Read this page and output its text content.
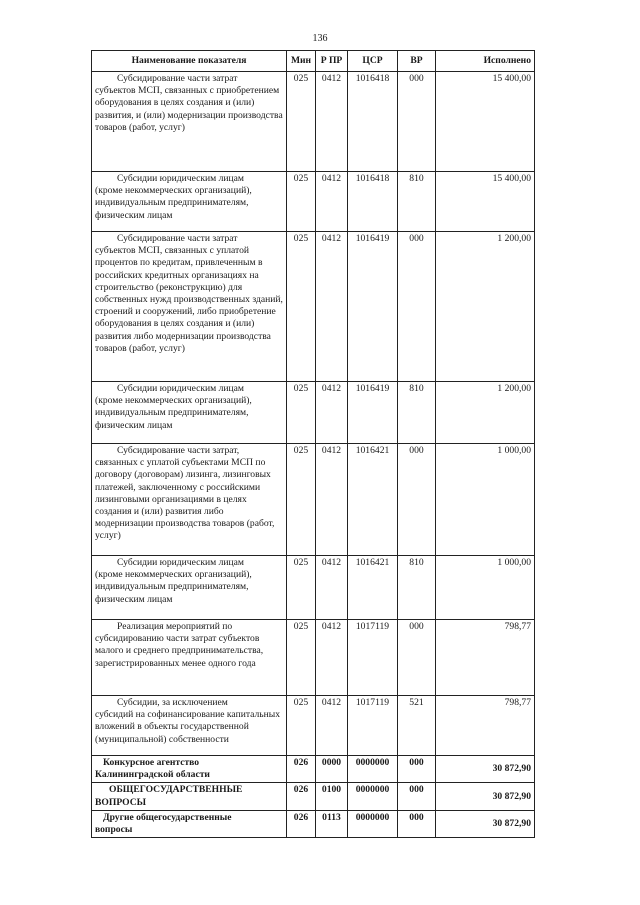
136
Наименование показателя	Мин	Р ПР	ЦСР	ВР	Исполнено

Субсидирование части затрат
субъектов МСП, связанных с приобретением оборудования в целях создания и (или) развития, и (или) модернизации производства товаров (работ, услуг)	025	0412	1016418	000	15 400,00

Субсидии юридическим лицам
(кроме некоммерческих организаций), индивидуальным предпринимателям, физическим лицам	025	0412	1016418	810	15 400,00

Субсидирование части затрат
субъектов МСП, связанных с уплатой процентов по кредитам, привлеченным в российских кредитных организациях на строительство (реконструкцию) для собственных нужд производственных зданий, строений и сооружений, либо приобретение оборудования в целях создания и (или) развития либо модернизации производства товаров (работ, услуг)	025	0412	1016419	000	1 200,00

Субсидии юридическим лицам
(кроме некоммерческих организаций), индивидуальным предпринимателям, физическим лицам	025	0412	1016419	810	1 200,00

Субсидирование части затрат,
связанных с уплатой субъектами МСП по договору (договорам) лизинга, лизинговых платежей, заключенному с российскими лизинговыми организациями в целях создания и (или) развития либо модернизации производства товаров (работ, услуг)	025	0412	1016421	000	1 000,00

Субсидии юридическим лицам
(кроме некоммерческих организаций), индивидуальным предпринимателям, физическим лицам	025	0412	1016421	810	1 000,00

Реализация мероприятий по
субсидированию части затрат субъектов малого и среднего предпринимательства, зарегистрированных менее одного года	025	0412	1017119	000	798,77

Субсидии, за исключением
субсидий на софинансирование капитальных вложений в объекты государственной (муниципальной) собственности	025	0412	1017119	521	798,77

Конкурсное агентство
Калининградской области	026	0000	0000000	000	30 872,90

ОБЩЕГОСУДАРСТВЕННЫЕ
ВОПРОСЫ	026	0100	0000000	000	30 872,90

Другие общегосударственные
вопросы	026	0113	0000000	000	30 872,90
